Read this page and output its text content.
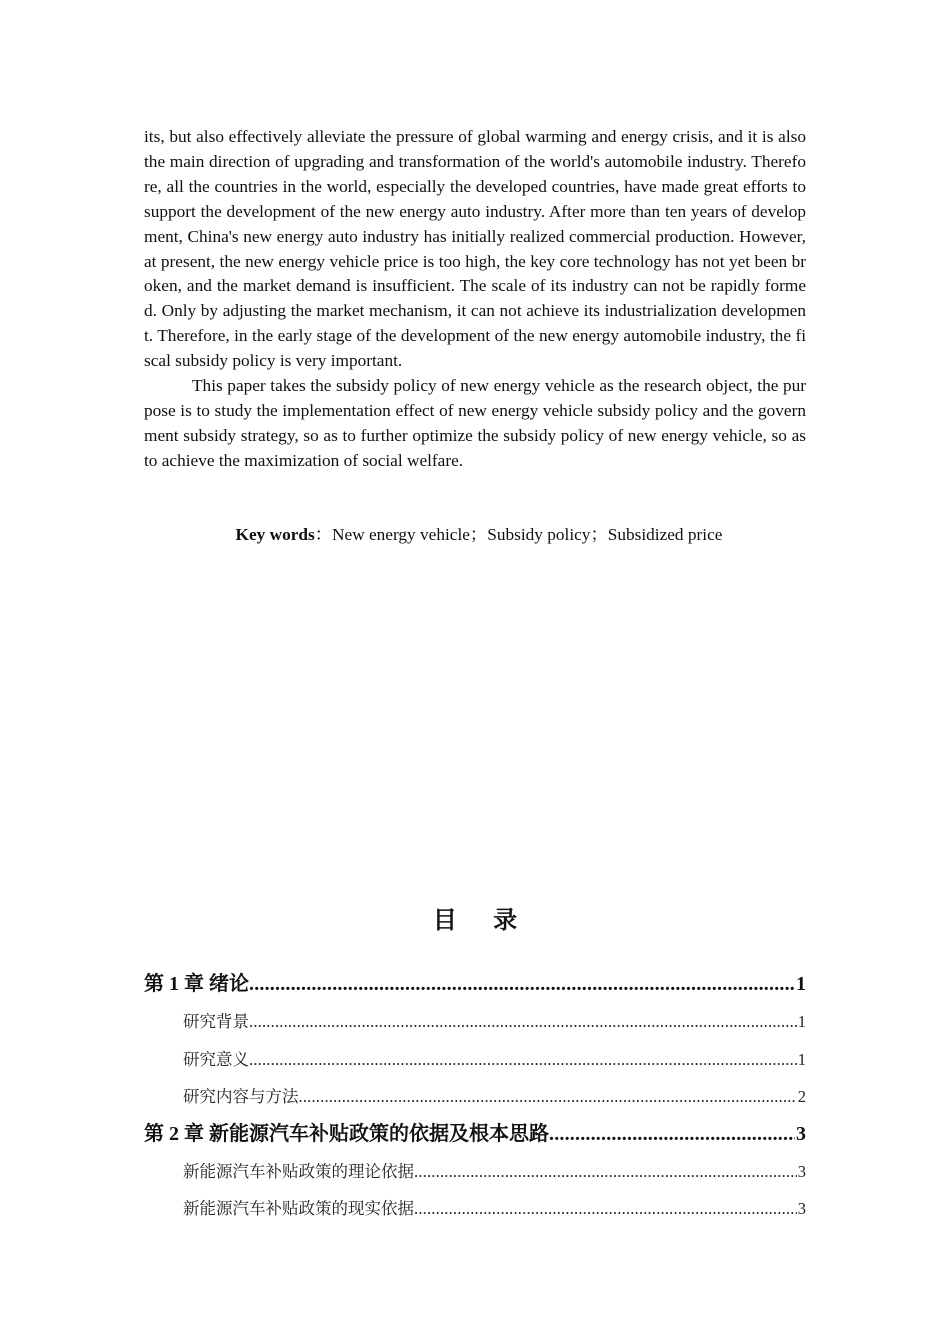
its, but also effectively alleviate the pressure of global warming and energy crisis, and it is also the main direction of upgrading and transformation of the world's automobile industry. Therefore, all the countries in the world, especially the developed countries, have made great efforts to support the development of the new energy auto industry. After more than ten years of development, China's new energy auto industry has initially realized commercial production. However, at present, the new energy vehicle price is too high, the key core technology has not yet been broken, and the market demand is insufficient. The scale of its industry can not be rapidly formed. Only by adjusting the market mechanism, it can not achieve its industrialization development. Therefore, in the early stage of the development of the new energy automobile industry, the fiscal subsidy policy is very important.

This paper takes the subsidy policy of new energy vehicle as the research object, the purpose is to study the implementation effect of new energy vehicle subsidy policy and the government subsidy strategy, so as to further optimize the subsidy policy of new energy vehicle, so as to achieve the maximization of social welfare.

Key words：New energy vehicle；Subsidy policy；Subsidized price
目 录
第 1 章 绪论 .....	1
研究背景 .....	1
研究意义 .....	1
研究内容与方法 .....	2
第 2 章 新能源汽车补贴政策的依据及根本思路 .....	3
新能源汽车补贴政策的理论依据 .....	3
新能源汽车补贴政策的现实依据 .....	3
